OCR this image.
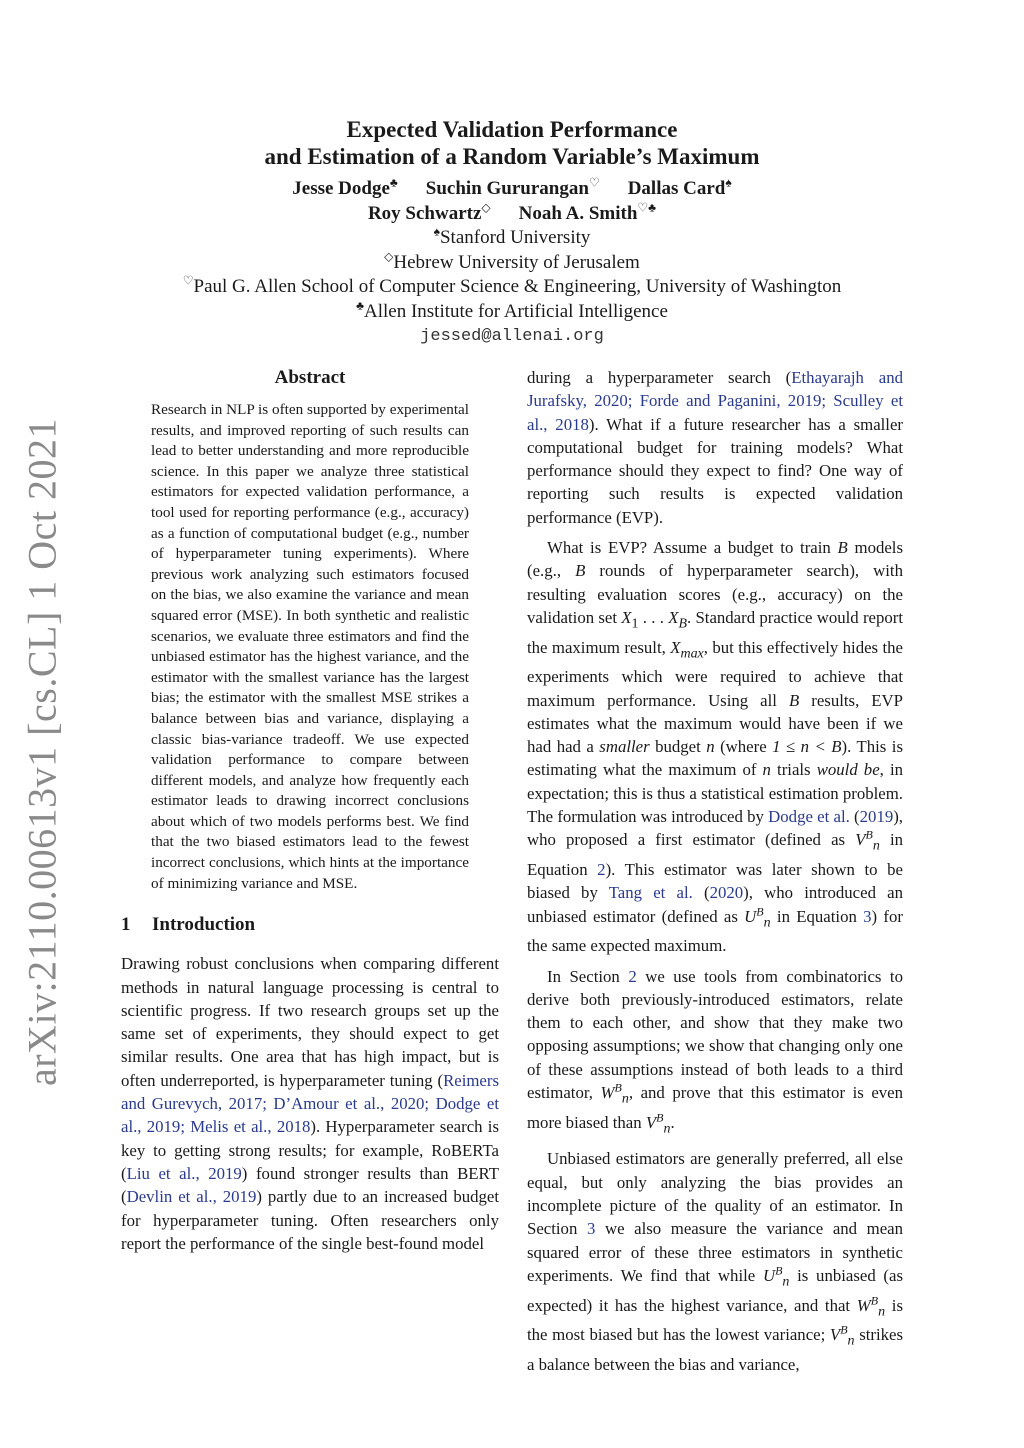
arXiv:2110.00613v1 [cs.CL] 1 Oct 2021
Expected Validation Performance
and Estimation of a Random Variable’s Maximum
Jesse Dodge♣ Suchin Gururangan♡ Dallas Card♠
Roy Schwartz◇ Noah A. Smith♡♣
♠Stanford University
◇Hebrew University of Jerusalem
♡Paul G. Allen School of Computer Science & Engineering, University of Washington
♣Allen Institute for Artificial Intelligence
jessed@allenai.org
Abstract
Research in NLP is often supported by experimental results, and improved reporting of such results can lead to better understanding and more reproducible science. In this paper we analyze three statistical estimators for expected validation performance, a tool used for reporting performance (e.g., accuracy) as a function of computational budget (e.g., number of hyperparameter tuning experiments). Where previous work analyzing such estimators focused on the bias, we also examine the variance and mean squared error (MSE). In both synthetic and realistic scenarios, we evaluate three estimators and find the unbiased estimator has the highest variance, and the estimator with the smallest variance has the largest bias; the estimator with the smallest MSE strikes a balance between bias and variance, displaying a classic bias-variance tradeoff. We use expected validation performance to compare between different models, and analyze how frequently each estimator leads to drawing incorrect conclusions about which of two models performs best. We find that the two biased estimators lead to the fewest incorrect conclusions, which hints at the importance of minimizing variance and MSE.
1 Introduction

Drawing robust conclusions when comparing different methods in natural language processing is central to scientific progress. If two research groups set up the same set of experiments, they should expect to get similar results. One area that has high impact, but is often underreported, is hyperparameter tuning (Reimers and Gurevych, 2017; D’Amour et al., 2020; Dodge et al., 2019; Melis et al., 2018). Hyperparameter search is key to getting strong results; for example, RoBERTa (Liu et al., 2019) found stronger results than BERT (Devlin et al., 2019) partly due to an increased budget for hyperparameter tuning. Often researchers only report the performance of the single best-found model

during a hyperparameter search (Ethayarajh and Jurafsky, 2020; Forde and Paganini, 2019; Sculley et al., 2018). What if a future researcher has a smaller computational budget for training models? What performance should they expect to find? One way of reporting such results is expected validation performance (EVP).

What is EVP? Assume a budget to train B models (e.g., B rounds of hyperparameter search), with resulting evaluation scores (e.g., accuracy) on the validation set $X_1$ . . . $X_B$. Standard practice would report the maximum result, $X_{max}$, but this effectively hides the experiments which were required to achieve that maximum performance. Using all B results, EVP estimates what the maximum would have been if we had had a smaller budget n (where 1 ≤ n < B). This is estimating what the maximum of n trials would be, in expectation; this is thus a statistical estimation problem. The formulation was introduced by Dodge et al. (2019), who proposed a first estimator (defined as $V^B_n$ in Equation 2). This estimator was later shown to be biased by Tang et al. (2020), who introduced an unbiased estimator (defined as $U^B_n$ in Equation 3) for the same expected maximum.

In Section 2 we use tools from combinatorics to derive both previously-introduced estimators, relate them to each other, and show that they make two opposing assumptions; we show that changing only one of these assumptions instead of both leads to a third estimator, $W^B_n$, and prove that this estimator is even more biased than $V^B_n$.

Unbiased estimators are generally preferred, all else equal, but only analyzing the bias provides an incomplete picture of the quality of an estimator. In Section 3 we also measure the variance and mean squared error of these three estimators in synthetic experiments. We find that while $U^B_n$ is unbiased (as expected) it has the highest variance, and that $W^B_n$ is the most biased but has the lowest variance; $V^B_n$ strikes a balance between the bias and variance,
